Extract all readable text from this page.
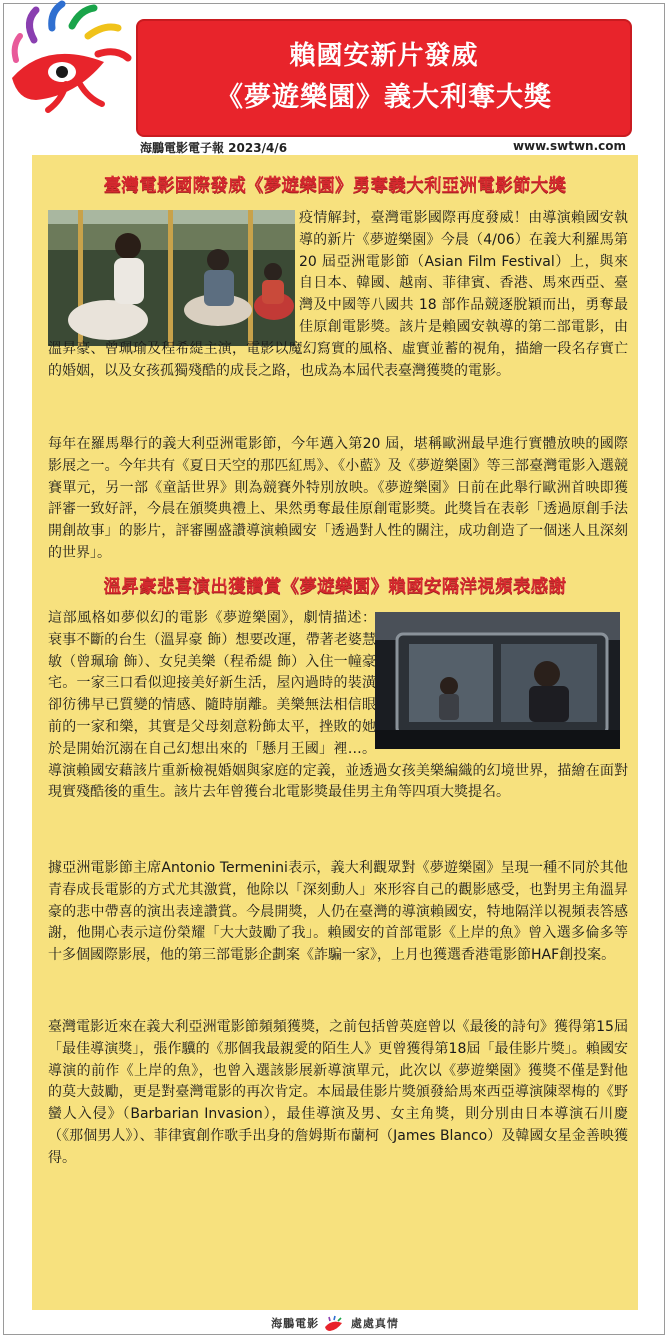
賴國安新片發威
《夢遊樂園》義大利奪大獎
海鵬電影電子報 2023/4/6	www.swtwn.com
臺灣電影國際發威《夢遊樂園》勇奪義大利亞洲電影節大獎

疫情解封，臺灣電影國際再度發威！由導演賴國安執導的新片《夢遊樂園》今晨（4/06）在義大利羅馬第20 屆亞洲電影節（Asian Film Festival）上，與來自日本、韓國、越南、菲律賓、香港、馬來西亞、臺灣及中國等八國共 18 部作品競逐脫穎而出，勇奪最佳原創電影獎。該片是賴國安執導的第二部電影，由溫昇豪、曾珮瑜及程希緹主演，電影以魔幻寫實的風格、虛實並蓄的視角，描繪一段名存實亡的婚姻，以及女孩孤獨殘酷的成長之路，也成為本屆代表臺灣獲獎的電影。

每年在羅馬舉行的義大利亞洲電影節，今年邁入第20 屆，堪稱歐洲最早進行實體放映的國際影展之一。今年共有《夏日天空的那匹紅馬》、《小藍》及《夢遊樂園》等三部臺灣電影入選競賽單元，另一部《童話世界》則為競賽外特別放映。《夢遊樂園》日前在此舉行歐洲首映即獲評審一致好評，今晨在頒獎典禮上、果然勇奪最佳原創電影獎。此獎旨在表彰「透過原創手法開創故事」的影片，評審團盛讚導演賴國安「透過對人性的關注，成功創造了一個迷人且深刻的世界」。

溫昇豪悲喜演出獲讚賞《夢遊樂園》賴國安隔洋視頻表感謝

這部風格如夢似幻的電影《夢遊樂園》，劇情描述：衰事不斷的台生（溫昇豪 飾）想要改運，帶著老婆慧敏（曾珮瑜 飾）、女兒美樂（程希緹 飾）入住一幢豪宅。一家三口看似迎接美好新生活，屋內過時的裝潢卻彷彿早已質變的情感、隨時崩離。美樂無法相信眼前的一家和樂，其實是父母刻意粉飾太平，挫敗的她於是開始沉溺在自己幻想出來的「懸月王國」裡…。導演賴國安藉該片重新檢視婚姻與家庭的定義，並透過女孩美樂編織的幻境世界，描繪在面對現實殘酷後的重生。該片去年曾獲台北電影獎最佳男主角等四項大獎提名。

據亞洲電影節主席Antonio Termenini表示，義大利觀眾對《夢遊樂園》呈現一種不同於其他青春成長電影的方式尤其激賞，他除以「深刻動人」來形容自己的觀影感受，也對男主角溫昇豪的悲中帶喜的演出表達讚賞。今晨開獎，人仍在臺灣的導演賴國安，特地隔洋以視頻表答感謝，他開心表示這份榮耀「大大鼓勵了我」。賴國安的首部電影《上岸的魚》曾入選多倫多等十多個國際影展，他的第三部電影企劃案《詐騙一家》，上月也獲選香港電影節HAF創投案。

臺灣電影近來在義大利亞洲電影節頻頻獲獎，之前包括曾英庭曾以《最後的詩句》獲得第15屆「最佳導演獎」，張作驥的《那個我最親愛的陌生人》更曾獲得第18屆「最佳影片獎」。賴國安導演的前作《上岸的魚》，也曾入選該影展新導演單元，此次以《夢遊樂園》獲獎不僅是對他的莫大鼓勵，更是對臺灣電影的再次肯定。本屆最佳影片獎頒發給馬來西亞導演陳翠梅的《野蠻人入侵》（Barbarian Invasion），最佳導演及男、女主角獎，則分別由日本導演石川慶（《那個男人》）、菲律賓創作歌手出身的詹姆斯布蘭柯（James Blanco）及韓國女星金善映獲得。

海鵬電影	處處真情
